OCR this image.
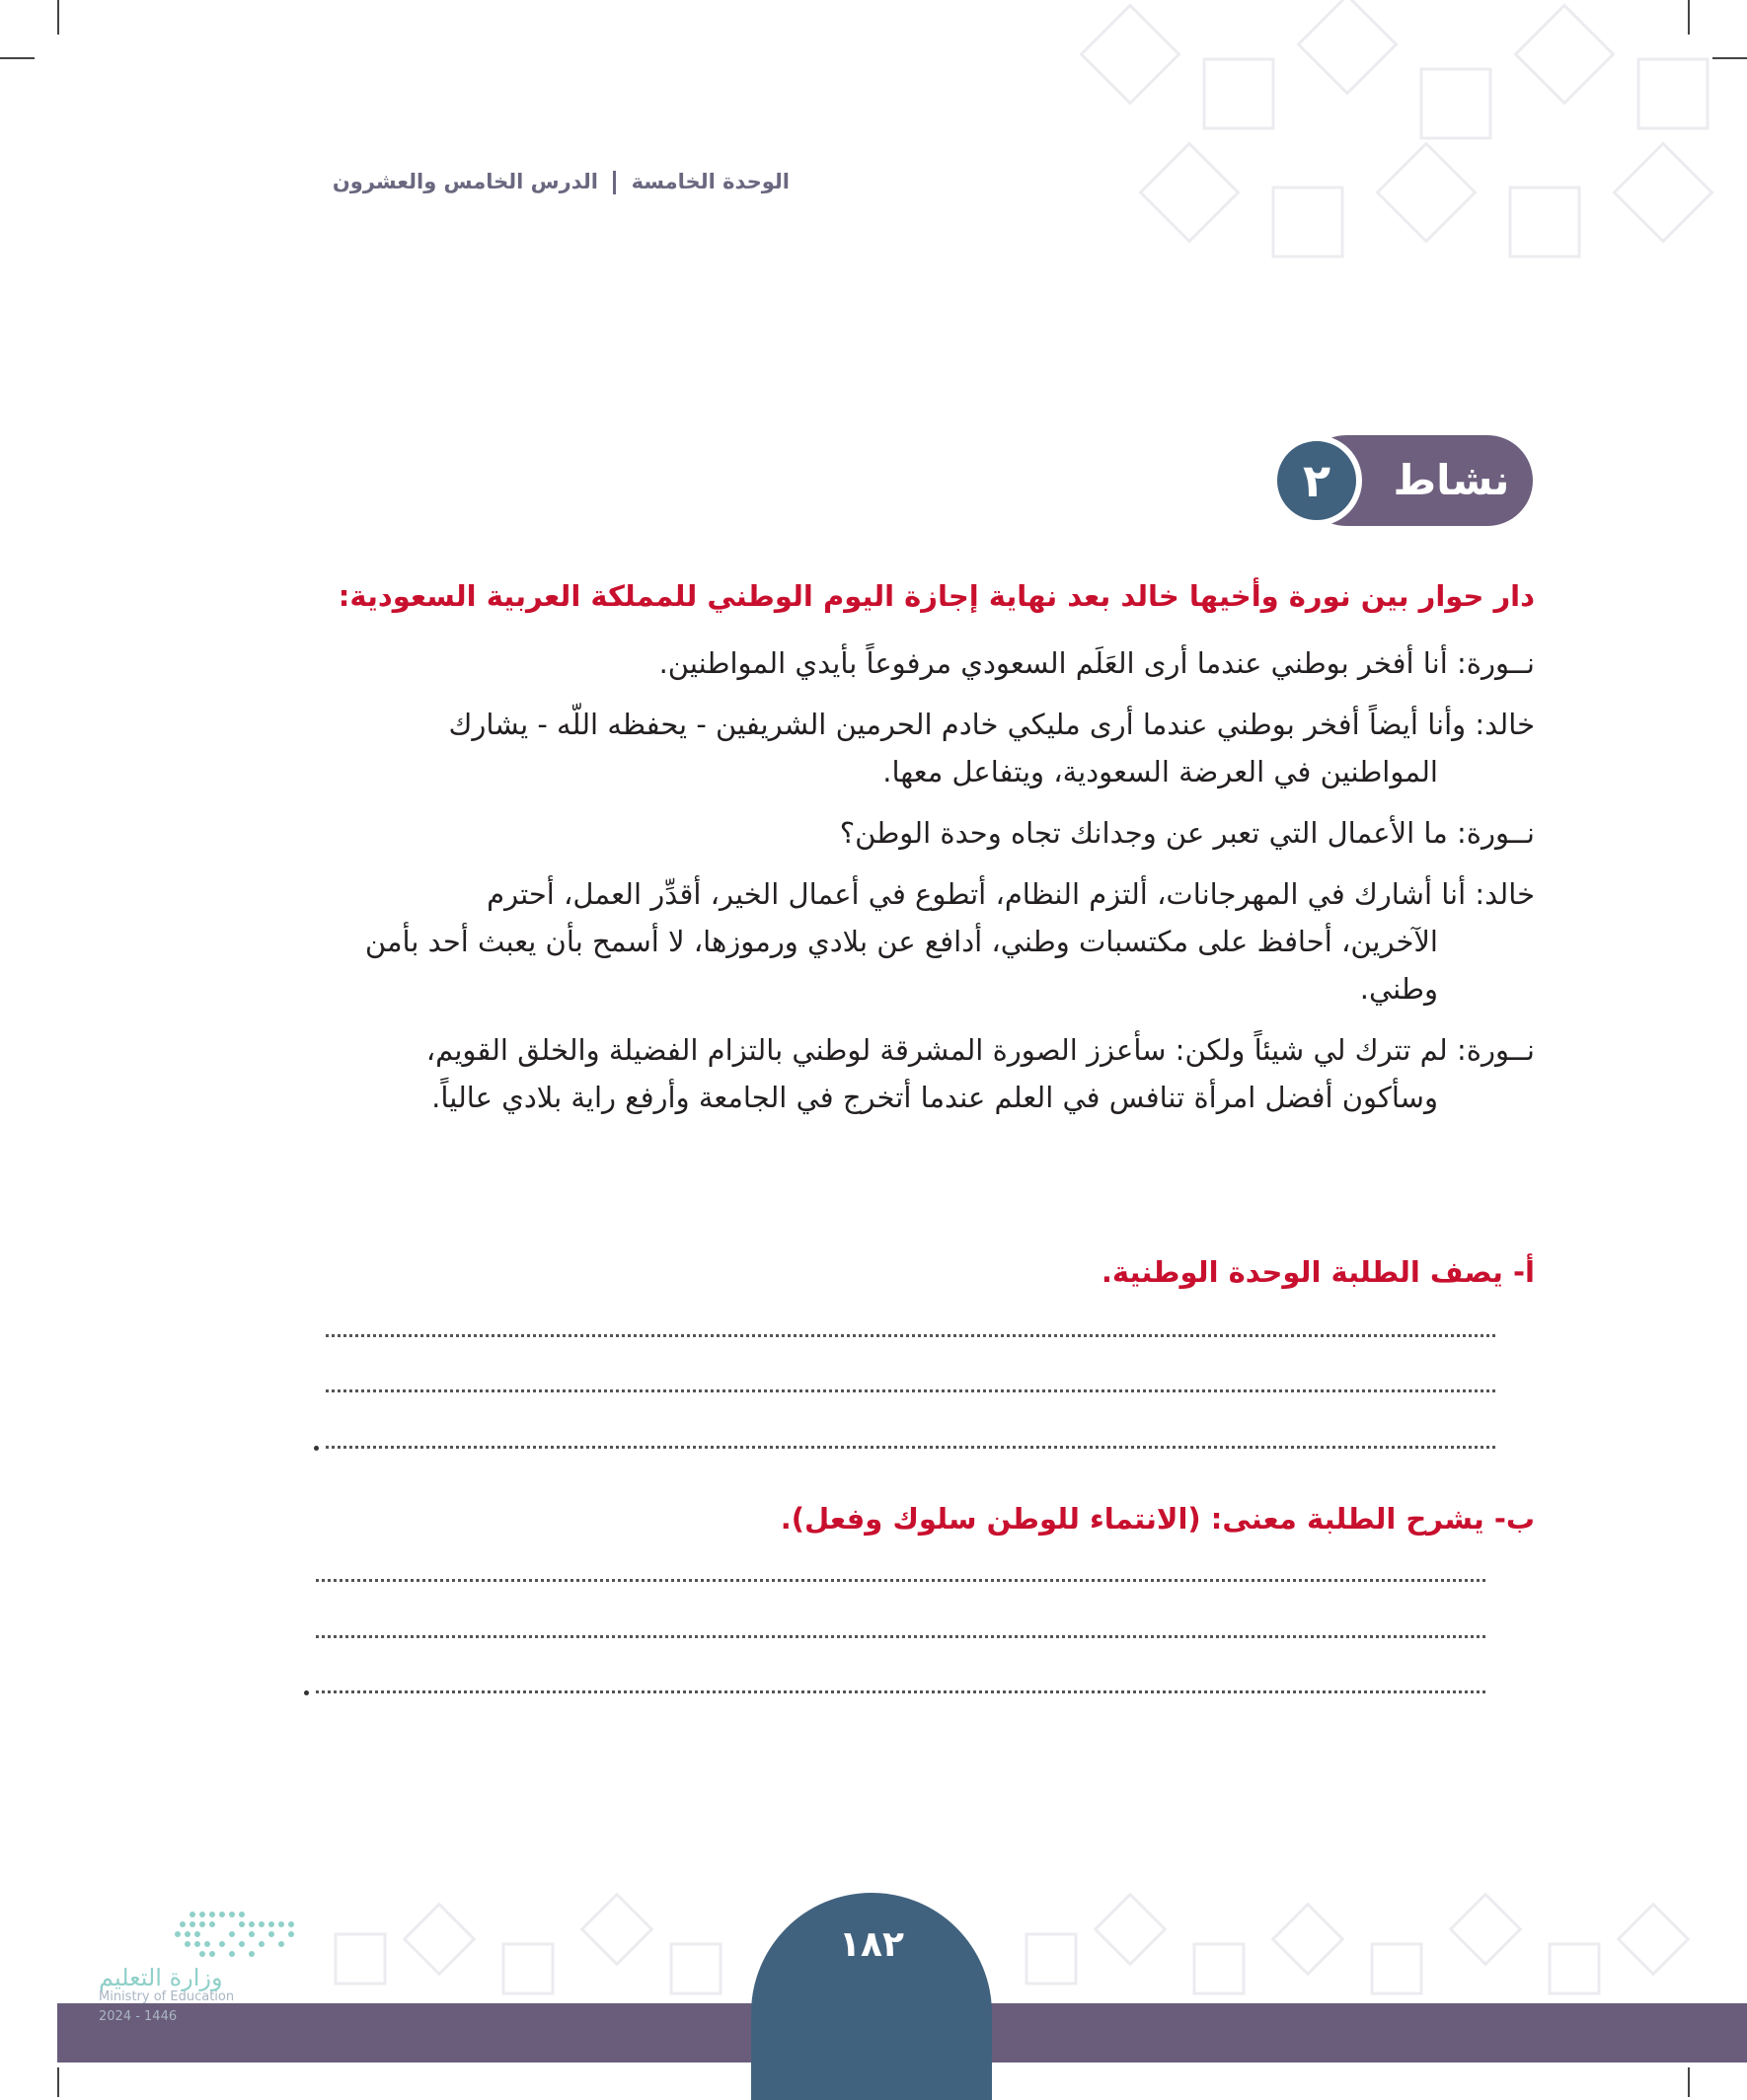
الوحدة الخامسة  الدرس الخامس والعشرون
٢	نشاط

دار حوار بين نورة وأخيها خالد بعد نهاية إجازة اليوم الوطني للمملكة العربية السعودية:

نــورة: أنا أفخر بوطني عندما أرى العَلَم السعودي مرفوعاً بأيدي المواطنين.
خالد: وأنا أيضاً أفخر بوطني عندما أرى مليكي خادم الحرمين الشريفين - يحفظه اللّه - يشارك
المواطنين في العرضة السعودية، ويتفاعل معها.
نــورة: ما الأعمال التي تعبر عن وجدانك تجاه وحدة الوطن؟
خالد: أنا أشارك في المهرجانات، ألتزم النظام، أتطوع في أعمال الخير، أقدِّر العمل، أحترم
الآخرين، أحافظ على مكتسبات وطني، أدافع عن بلادي ورموزها، لا أسمح بأن يعبث أحد بأمن وطني.
نــورة: لم تترك لي شيئاً ولكن: سأعزز الصورة المشرقة لوطني بالتزام الفضيلة والخلق القويم،
وسأكون أفضل امرأة تنافس في العلم عندما أتخرج في الجامعة وأرفع راية بلادي عالياً.
أ- يصف الطلبة الوحدة الوطنية.
ب- يشرح الطلبة معنى: (الانتماء للوطن سلوك وفعل).
١٨٢
وزارة التعليم
Ministry of Education
2024 - 1446
